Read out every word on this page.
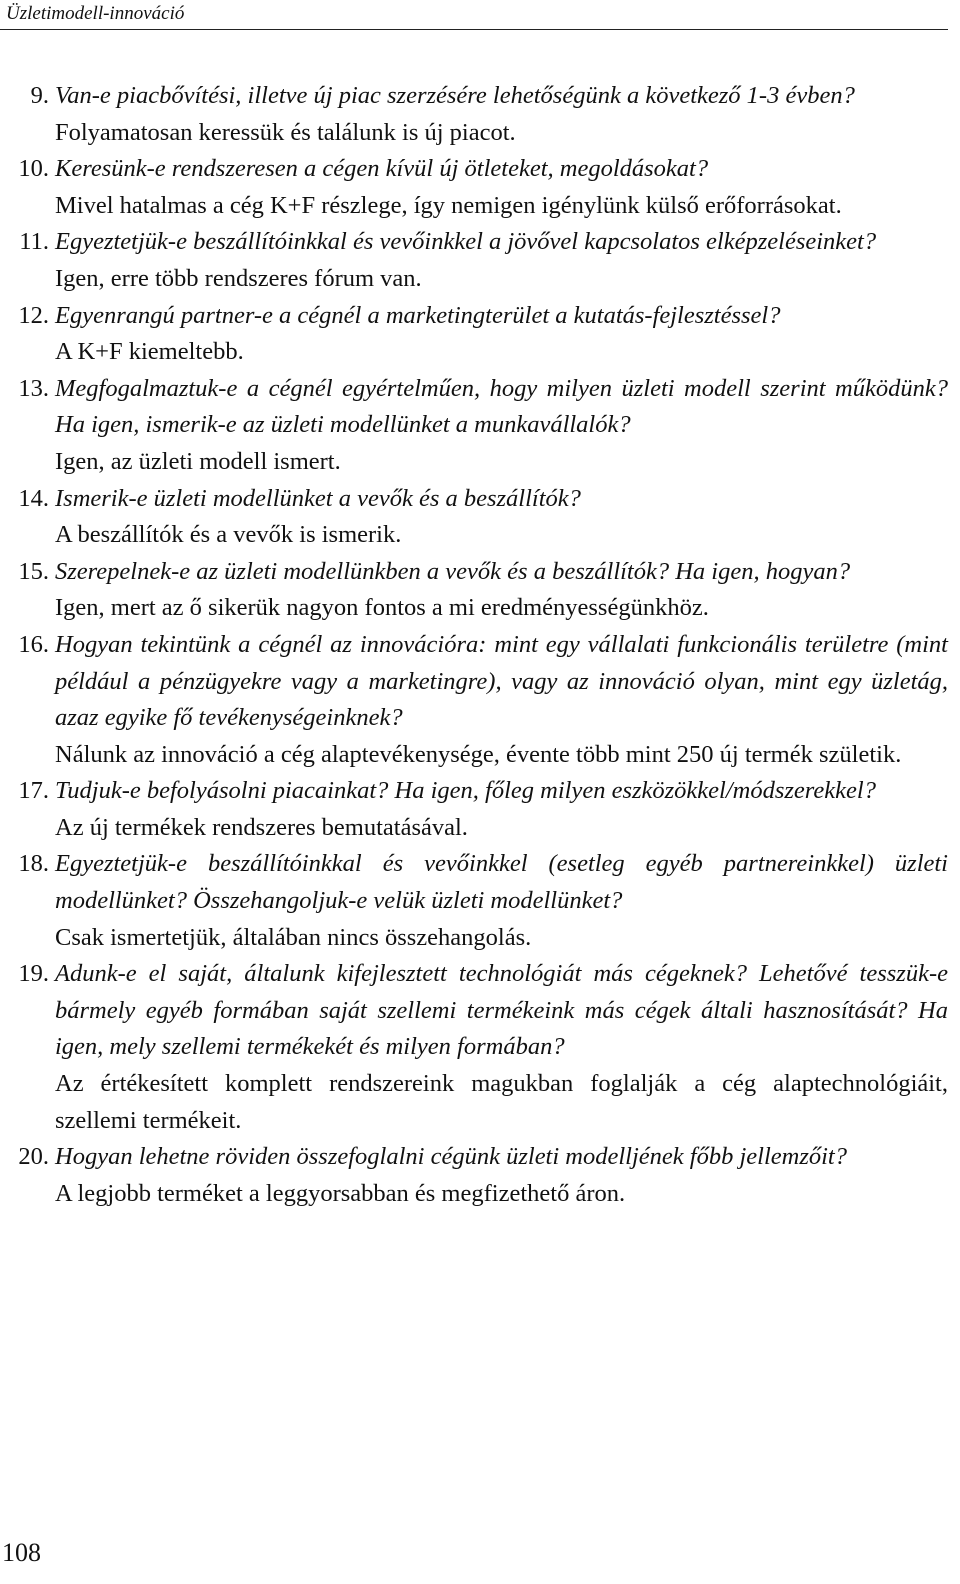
Üzletimodell-innováció
9. Van-e piacbővítési, illetve új piac szerzésére lehetőségünk a következő 1-3 évben?
Folyamatosan keressük és találunk is új piacot.
10. Keresünk-e rendszeresen a cégen kívül új ötleteket, megoldásokat?
Mivel hatalmas a cég K+F részlege, így nemigen igénylünk külső erőforrásokat.
11. Egyeztetjük-e beszállítóinkkal és vevőinkkel a jövővel kapcsolatos elképzeléseinket?
Igen, erre több rendszeres fórum van.
12. Egyenrangú partner-e a cégnél a marketingterület a kutatás-fejlesztéssel?
A K+F kiemeltebb.
13. Megfogalmaztuk-e a cégnél egyértelműen, hogy milyen üzleti modell szerint működünk? Ha igen, ismerik-e az üzleti modellünket a munkavállalók?
Igen, az üzleti modell ismert.
14. Ismerik-e üzleti modellünket a vevők és a beszállítók?
A beszállítók és a vevők is ismerik.
15. Szerepelnek-e az üzleti modellünkben a vevők és a beszállítók? Ha igen, hogyan?
Igen, mert az ő sikerük nagyon fontos a mi eredményességünkhöz.
16. Hogyan tekintünk a cégnél az innovációra: mint egy vállalati funkcionális területre (mint például a pénzügyekre vagy a marketingre), vagy az innováció olyan, mint egy üzletág, azaz egyike fő tevékenységeinknek?
Nálunk az innováció a cég alaptevékenysége, évente több mint 250 új termék születik.
17. Tudjuk-e befolyásolni piacainkat? Ha igen, főleg milyen eszközökkel/módszerekkel?
Az új termékek rendszeres bemutatásával.
18. Egyeztetjük-e beszállítóinkkal és vevőinkkel (esetleg egyéb partnereinkkel) üzleti modellünket? Összehangoljuk-e velük üzleti modellünket?
Csak ismertetjük, általában nincs összehangolás.
19. Adunk-e el saját, általunk kifejlesztett technológiát más cégeknek? Lehetővé tesszük-e bármely egyéb formában saját szellemi termékeink más cégek általi hasznosítását? Ha igen, mely szellemi termékekét és milyen formában?
Az értékesített komplett rendszereink magukban foglalják a cég alaptechnológiáit, szellemi termékeit.
20. Hogyan lehetne röviden összefoglalni cégünk üzleti modelljének főbb jellemzőit?
A legjobb terméket a leggyorsabban és megfizethető áron.
108
